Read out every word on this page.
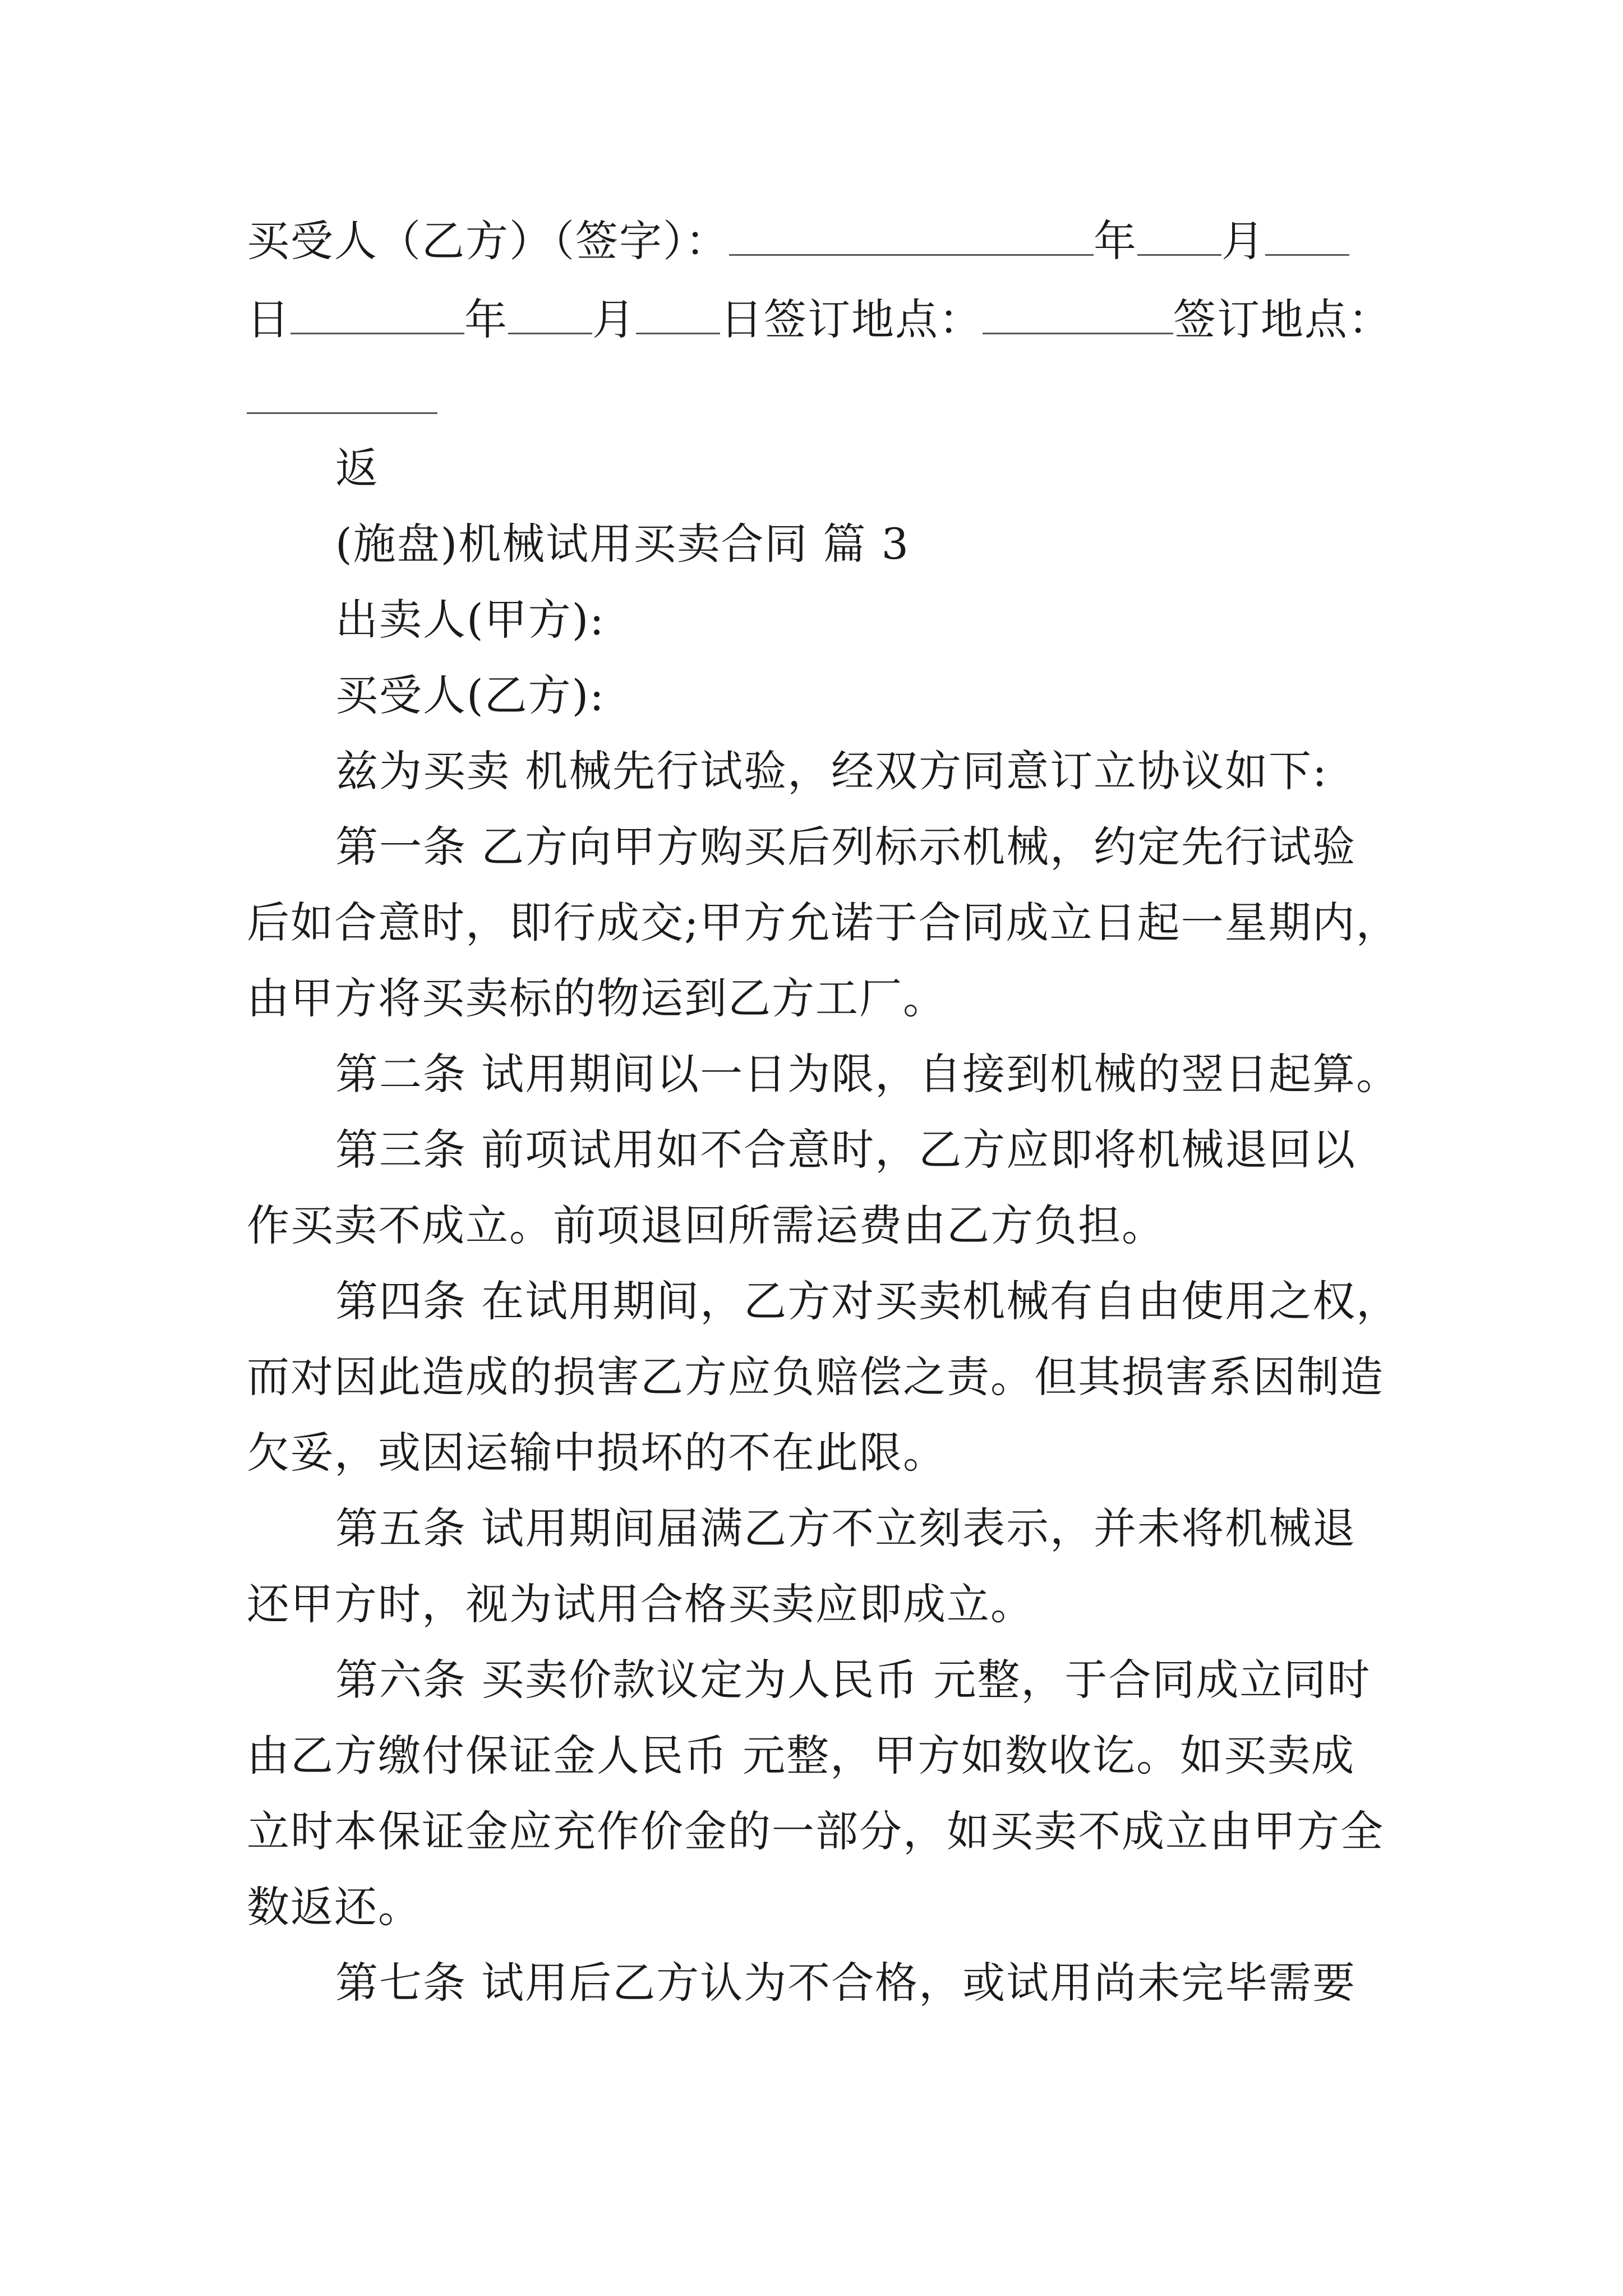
买受人（乙方）（签字）：	年 月
日	年 月 日签订地点：	签订地点：
返
(施盘)机械试用买卖合同 篇 3
出卖人(甲方):
买受人(乙方):
兹为买卖 机械先行试验，经双方同意订立协议如下:
第一条 乙方向甲方购买后列标示机械，约定先行试验
后如合意时，即行成交;甲方允诺于合同成立日起一星期内，
由甲方将买卖标的物运到乙方工厂。
第二条 试用期间以一日为限，自接到机械的翌日起算。
第三条 前项试用如不合意时，乙方应即将机械退回以
作买卖不成立。前项退回所需运费由乙方负担。
第四条 在试用期间，乙方对买卖机械有自由使用之权，
而对因此造成的损害乙方应负赔偿之责。但其损害系因制造
欠妥，或因运输中损坏的不在此限。
第五条 试用期间届满乙方不立刻表示，并未将机械退
还甲方时，视为试用合格买卖应即成立。
第六条 买卖价款议定为人民币 元整，于合同成立同时
由乙方缴付保证金人民币 元整，甲方如数收讫。如买卖成
立时本保证金应充作价金的一部分，如买卖不成立由甲方全
数返还。
第七条 试用后乙方认为不合格，或试用尚未完毕需要
